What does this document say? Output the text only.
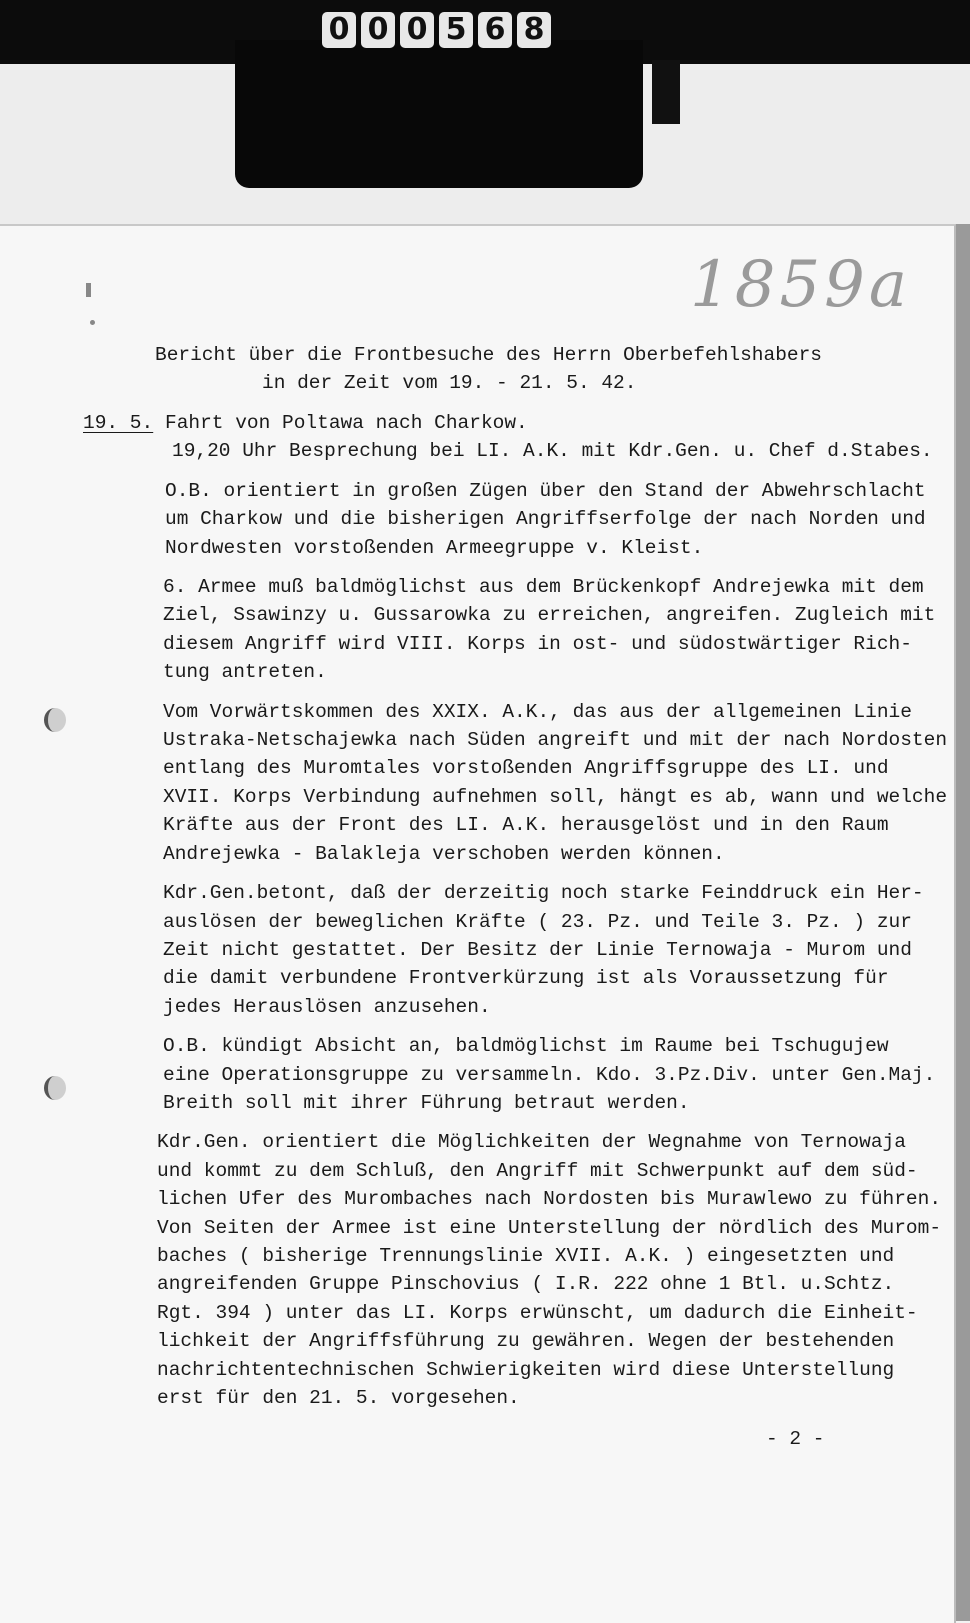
0 0 0 5 6 8
1859a
Bericht über die Frontbesuche des Herrn Oberbefehlshabers
in der Zeit vom 19. - 21. 5. 42.
19. 5. Fahrt von Poltawa nach Charkow.
19,20 Uhr Besprechung bei LI. A.K. mit Kdr.Gen. u. Chef d.Stabes.
O.B. orientiert in großen Zügen über den Stand der Abwehrschlacht
um Charkow und die bisherigen Angriffserfolge der nach Norden und
Nordwesten vorstoßenden Armeegruppe v. Kleist.
6. Armee muß baldmöglichst aus dem Brückenkopf Andrejewka mit dem
Ziel, Ssawinzy u. Gussarowka zu erreichen, angreifen. Zugleich mit
diesem Angriff wird VIII. Korps in ost- und südostwärtiger Rich-
tung antreten.
Vom Vorwärtskommen des XXIX. A.K., das aus der allgemeinen Linie
Ustraka-Netschajewka nach Süden angreift und mit der nach Nordosten
entlang des Muromtales vorstoßenden Angriffsgruppe des LI. und
XVII. Korps Verbindung aufnehmen soll, hängt es ab, wann und welche
Kräfte aus der Front des LI. A.K. herausgelöst und in den Raum
Andrejewka - Balakleja verschoben werden können.
Kdr.Gen.betont, daß der derzeitig noch starke Feinddruck ein Her-
auslösen der beweglichen Kräfte ( 23. Pz. und Teile 3. Pz. ) zur
Zeit nicht gestattet. Der Besitz der Linie Ternowaja - Murom und
die damit verbundene Frontverkürzung ist als Voraussetzung für
jedes Herauslösen anzusehen.
O.B. kündigt Absicht an, baldmöglichst im Raume bei Tschugujew
eine Operationsgruppe zu versammeln. Kdo. 3.Pz.Div. unter Gen.Maj.
Breith soll mit ihrer Führung betraut werden.
Kdr.Gen. orientiert die Möglichkeiten der Wegnahme von Ternowaja
und kommt zu dem Schluß, den Angriff mit Schwerpunkt auf dem süd-
lichen Ufer des Murombaches nach Nordosten bis Murawlewo zu führen.
Von Seiten der Armee ist eine Unterstellung der nördlich des Murom-
baches ( bisherige Trennungslinie XVII. A.K. ) eingesetzten und
angreifenden Gruppe Pinschovius ( I.R. 222 ohne 1 Btl. u.Schtz.
Rgt. 394 ) unter das LI. Korps erwünscht, um dadurch die Einheit-
lichkeit der Angriffsführung zu gewähren. Wegen der bestehenden
nachrichtentechnischen Schwierigkeiten wird diese Unterstellung
erst für den 21. 5. vorgesehen.
- 2 -
